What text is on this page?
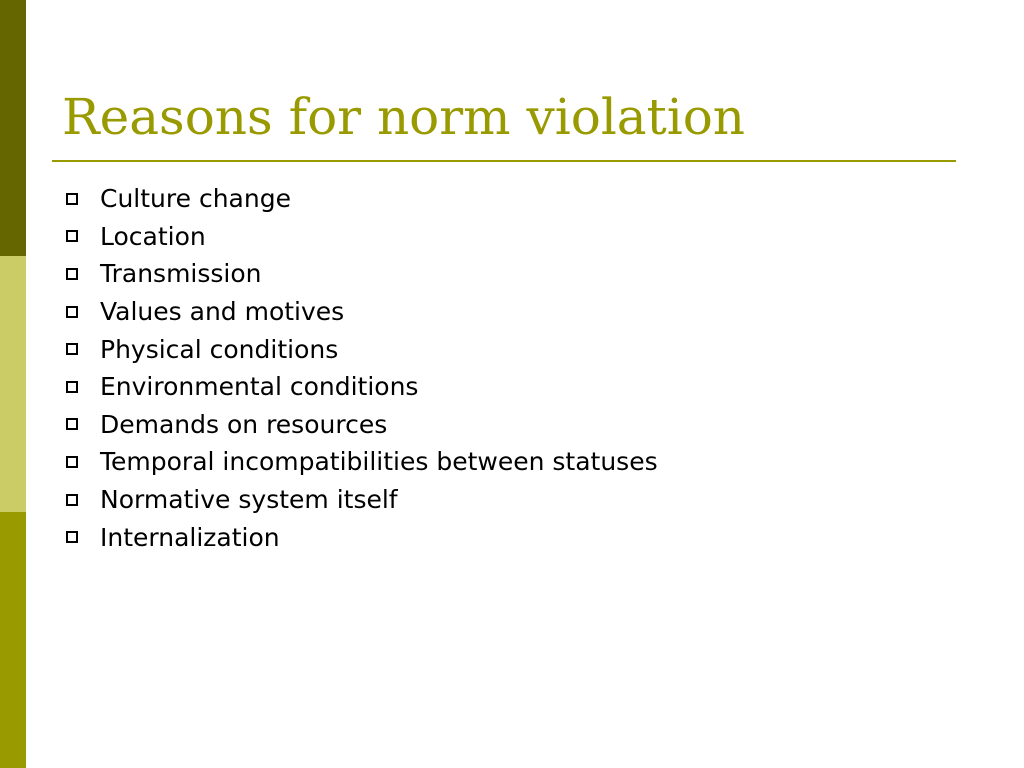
Reasons for norm violation
Culture change
Location
Transmission
Values and motives
Physical conditions
Environmental conditions
Demands on resources
Temporal incompatibilities between statuses
Normative system itself
Internalization
